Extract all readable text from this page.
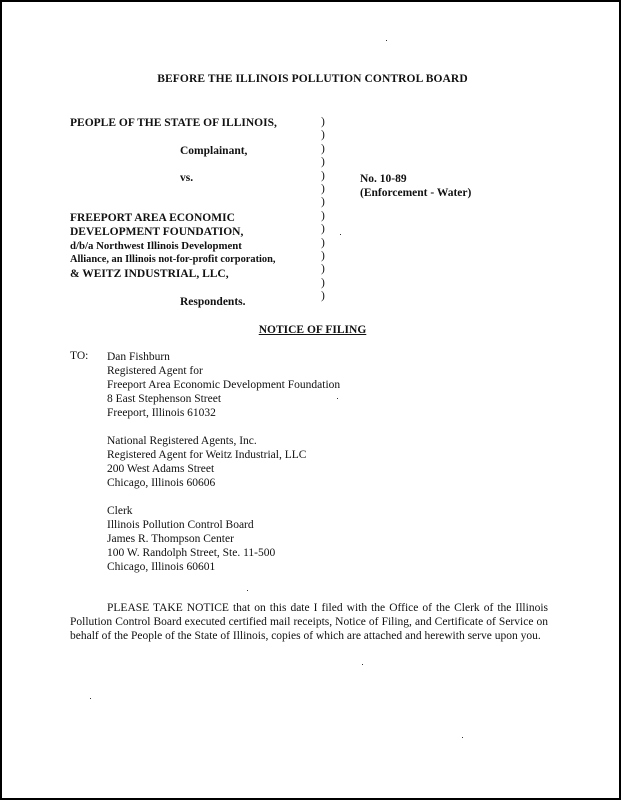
BEFORE THE ILLINOIS POLLUTION CONTROL BOARD
PEOPLE OF THE STATE OF ILLINOIS,
Complainant,
vs.
FREEPORT AREA ECONOMIC
DEVELOPMENT FOUNDATION,
d/b/a Northwest Illinois Development
Alliance, an Illinois not-for-profit corporation,
& WEITZ INDUSTRIAL, LLC,
Respondents.
)
)
)
)
)
)
)
)
)
)
)
)
)
)
No. 10-89
(Enforcement - Water)
NOTICE OF FILING
TO: Dan Fishburn
Registered Agent for
Freeport Area Economic Development Foundation
8 East Stephenson Street
Freeport, Illinois 61032
National Registered Agents, Inc.
Registered Agent for Weitz Industrial, LLC
200 West Adams Street
Chicago, Illinois 60606
Clerk
Illinois Pollution Control Board
James R. Thompson Center
100 W. Randolph Street, Ste. 11-500
Chicago, Illinois 60601
PLEASE TAKE NOTICE that on this date I filed with the Office of the Clerk of the Illinois Pollution Control Board executed certified mail receipts, Notice of Filing, and Certificate of Service on behalf of the People of the State of Illinois, copies of which are attached and herewith serve upon you.
